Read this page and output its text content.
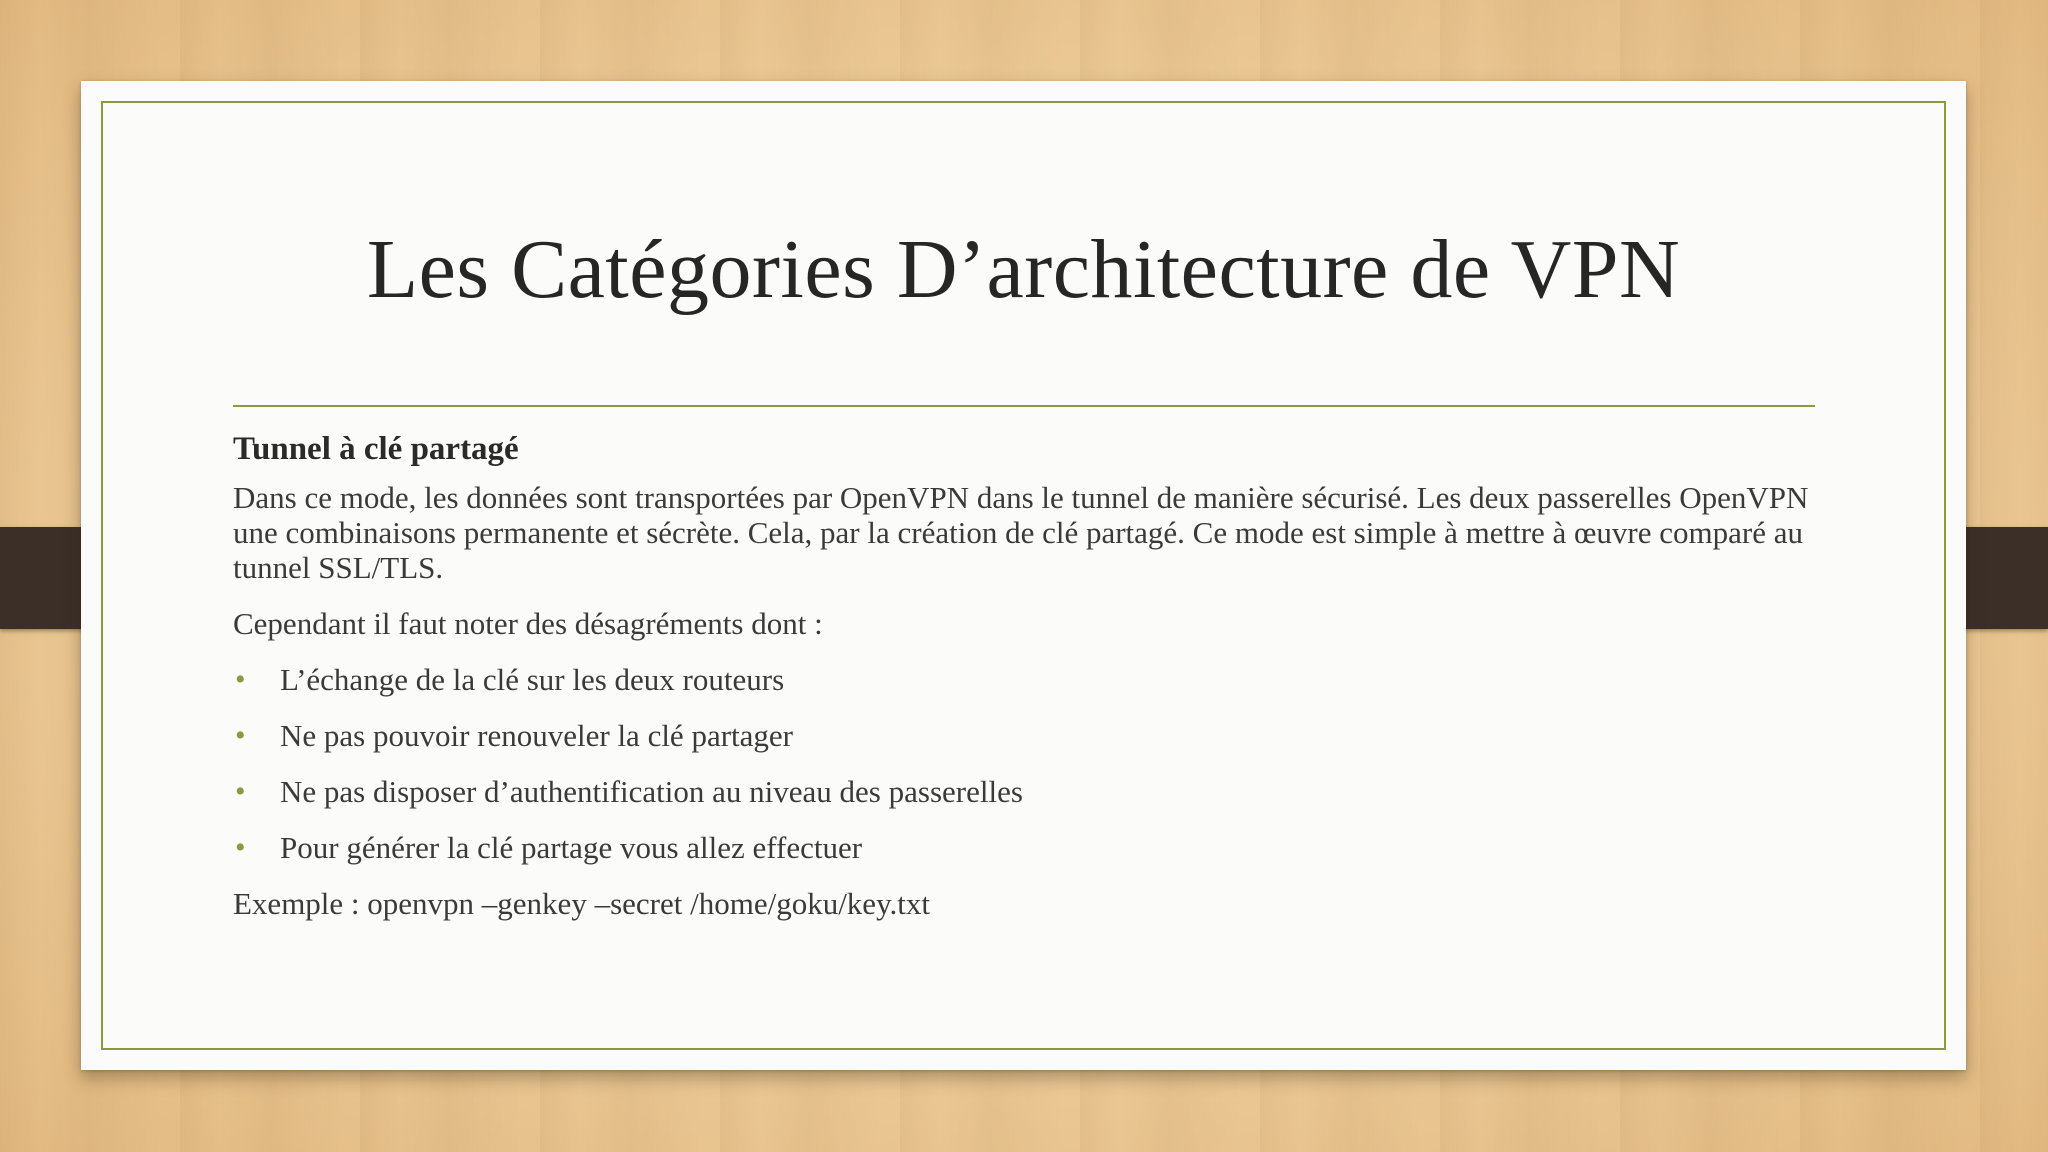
Les Catégories D’architecture de VPN

Tunnel à clé partagé

Dans ce mode, les données sont transportées par OpenVPN dans le tunnel de manière sécurisé. Les deux passerelles OpenVPN une combinaisons permanente et sécrète. Cela, par la création de clé partagé. Ce mode est simple à mettre à œuvre comparé au tunnel SSL/TLS.

Cependant il faut noter des désagréments dont :

• L’échange de la clé sur les deux routeurs
• Ne pas pouvoir renouveler la clé partager
• Ne pas disposer d’authentification au niveau des passerelles
• Pour générer la clé partage vous allez effectuer

Exemple : openvpn –genkey –secret /home/goku/key.txt
